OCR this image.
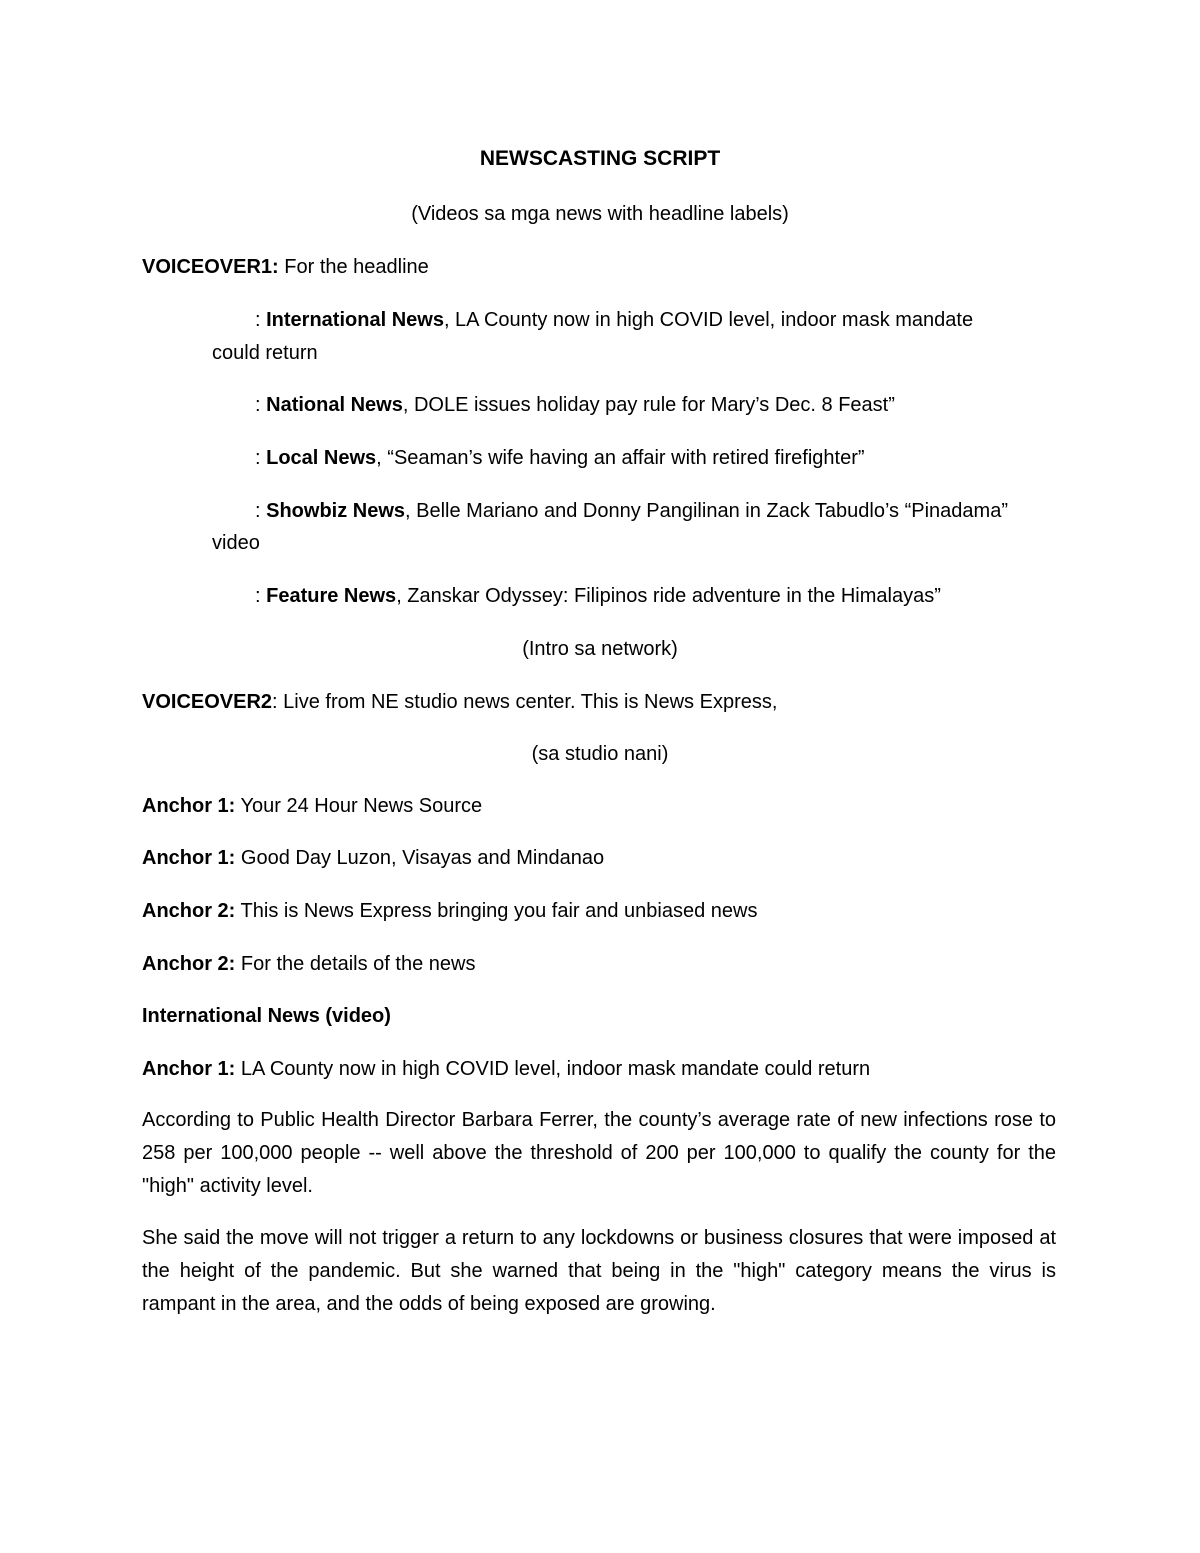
NEWSCASTING SCRIPT
(Videos sa mga news with headline labels)
VOICEOVER1: For the headline
: International News, LA County now in high COVID level, indoor mask mandate
could return
: National News, DOLE issues holiday pay rule for Mary’s Dec. 8 Feast”
: Local News, “Seaman’s wife having an affair with retired firefighter”
: Showbiz News, Belle Mariano and Donny Pangilinan in Zack Tabudlo’s “Pinadama”
video
: Feature News, Zanskar Odyssey: Filipinos ride adventure in the Himalayas”
(Intro sa network)
VOICEOVER2: Live from NE studio news center. This is News Express,
(sa studio nani)
Anchor 1: Your 24 Hour News Source
Anchor 1: Good Day Luzon, Visayas and Mindanao
Anchor 2: This is News Express bringing you fair and unbiased news
Anchor 2: For the details of the news
International News (video)
Anchor 1: LA County now in high COVID level, indoor mask mandate could return
According to Public Health Director Barbara Ferrer, the county’s average rate of new infections rose to 258 per 100,000 people -- well above the threshold of 200 per 100,000 to qualify the county for the "high" activity level.
She said the move will not trigger a return to any lockdowns or business closures that were imposed at the height of the pandemic. But she warned that being in the "high" category means the virus is rampant in the area, and the odds of being exposed are growing.
